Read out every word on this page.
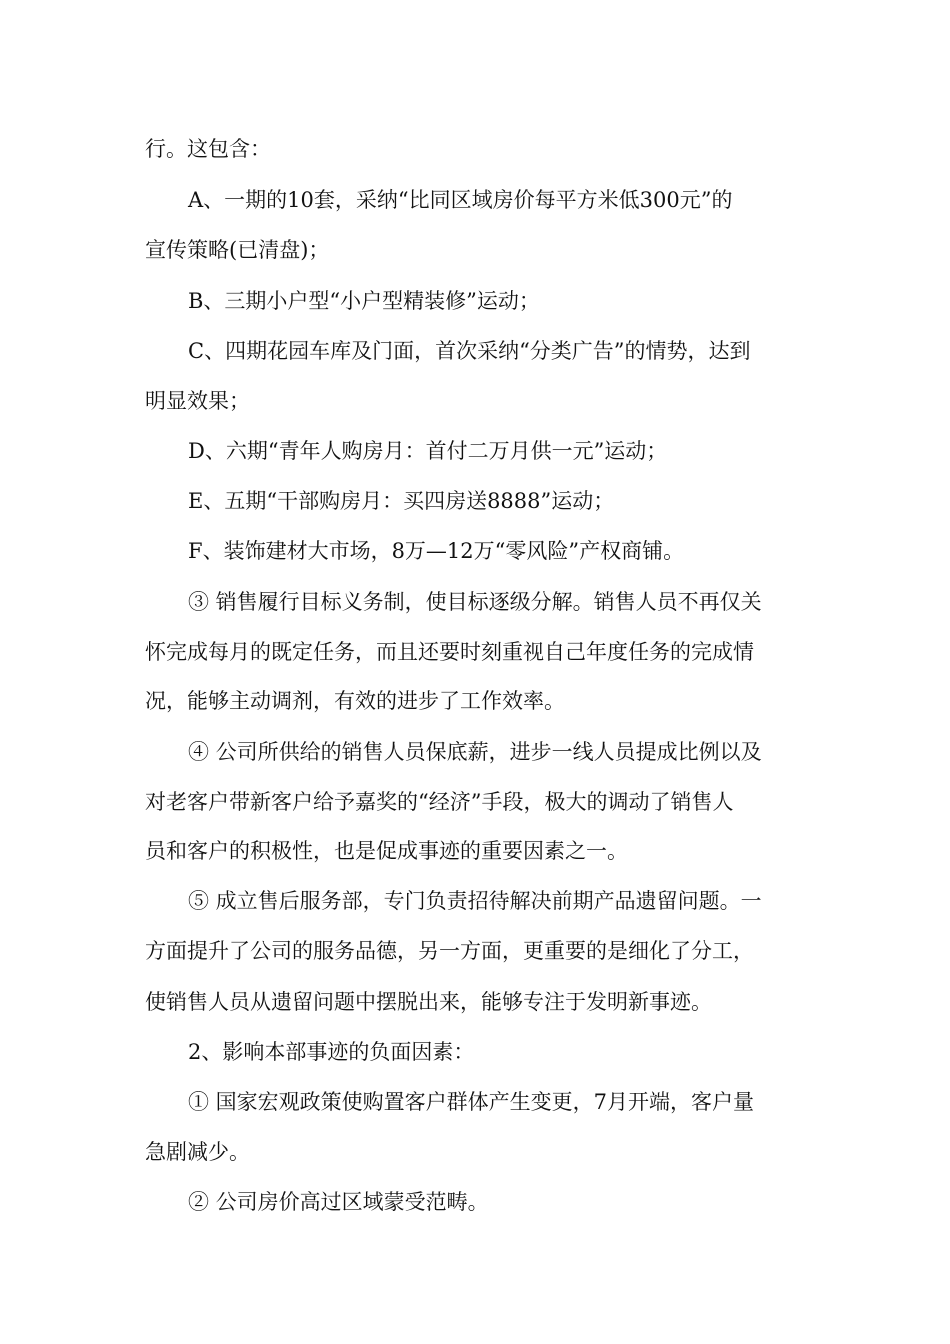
行。这包含：
A、一期的10套，采纳“比同区域房价每平方米低300元”的
宣传策略(已清盘)；
B、三期小户型“小户型精装修”运动；
C、四期花园车库及门面，首次采纳“分类广告”的情势，达到
明显效果；
D、六期“青年人购房月：首付二万月供一元”运动；
E、五期“干部购房月：买四房送8888”运动；
F、装饰建材大市场，8万—12万“零风险”产权商铺。
③ 销售履行目标义务制，使目标逐级分解。销售人员不再仅关
怀完成每月的既定任务，而且还要时刻重视自己年度任务的完成情
况，能够主动调剂，有效的进步了工作效率。
④ 公司所供给的销售人员保底薪，进步一线人员提成比例以及
对老客户带新客户给予嘉奖的“经济”手段，极大的调动了销售人
员和客户的积极性，也是促成事迹的重要因素之一。
⑤ 成立售后服务部，专门负责招待解决前期产品遗留问题。一
方面提升了公司的服务品德，另一方面，更重要的是细化了分工，
使销售人员从遗留问题中摆脱出来，能够专注于发明新事迹。
2、影响本部事迹的负面因素：
① 国家宏观政策使购置客户群体产生变更，7月开端，客户量
急剧减少。
② 公司房价高过区域蒙受范畴。
